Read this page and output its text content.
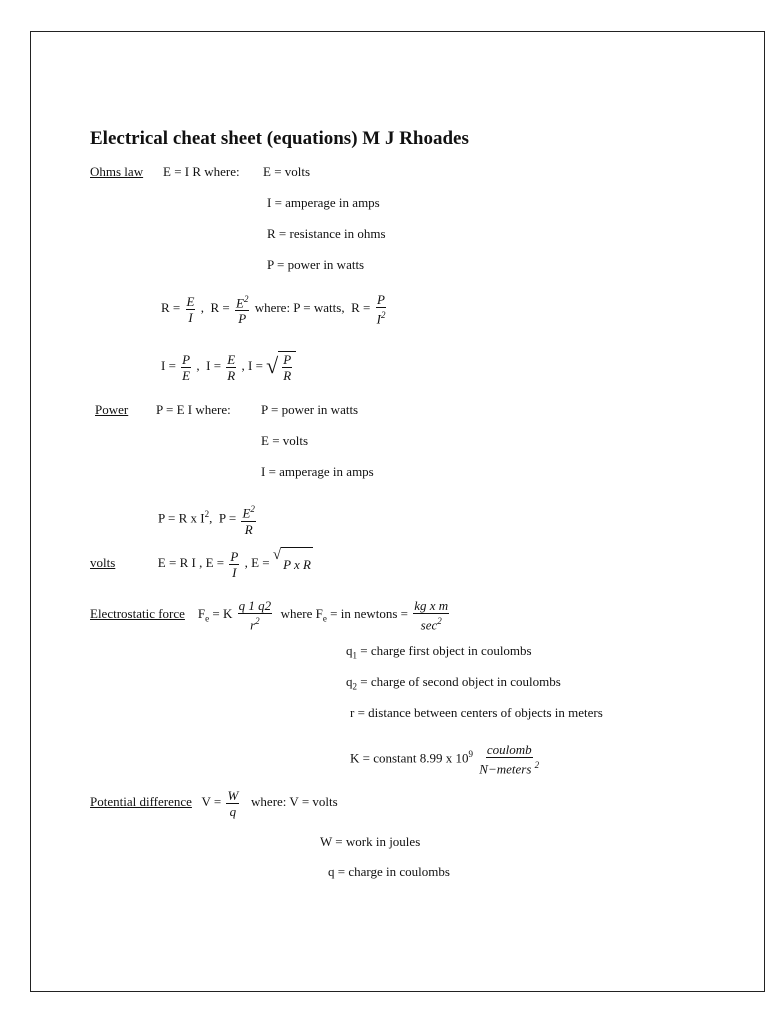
Electrical cheat sheet (equations) M J Rhoades
Ohms law E = I R where: E = volts
I = amperage in amps
R = resistance in ohms
P = power in watts
$R = \frac{E}{I}$ ,  $R = \frac{E^2}{P}$ where: P = watts, $R = \frac{P}{I^2}$
$I = \frac{P}{E}$ ,  $I = \frac{E}{R}$ , I = √ $\frac{P}{R}$
Power P = E I where: P = power in watts
E = volts
I = amperage in amps
P = R x $I^2$,  $P = \frac{E^2}{R}$
volts	E = R I , $E = \frac{P}{I}$ , E = √
P x R
Electrostatic force $F_e = K \frac{q 1 q2}{r^2}$ where $F_e$ = in newtons = $\frac{\text{kg x m}}{\sec^2}$
$q_1$ = charge first object in coulombs
$q_2$ = charge of second object in coulombs
r = distance between centers of objects in meters
K = constant 8.99 x $10^9 \frac{\text{coulomb}}{N-meters ^2}$
Potential difference $V = \frac{W}{q}$ where: V = volts
W = work in joules
q = charge in coulombs
